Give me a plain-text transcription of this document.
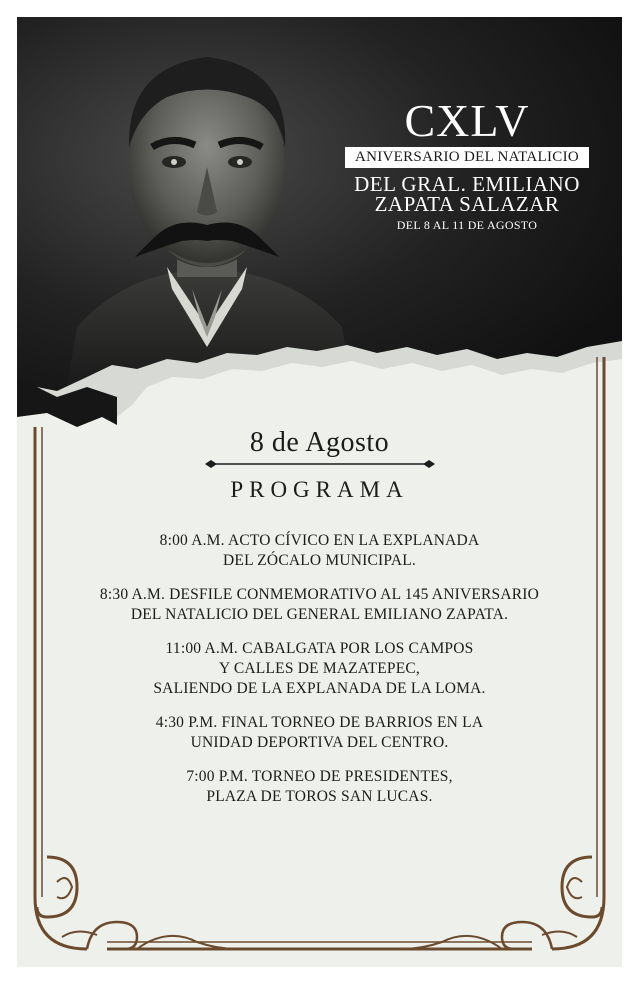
CXLV
ANIVERSARIO DEL NATALICIO
DEL GRAL. EMILIANO
ZAPATA SALAZAR
DEL 8 AL 11 DE AGOSTO
8 de Agosto
PROGRAMA
8:00 A.M. ACTO CÍVICO EN LA EXPLANADA
DEL ZÓCALO MUNICIPAL.
8:30 A.M. DESFILE CONMEMORATIVO AL 145 ANIVERSARIO
DEL NATALICIO DEL GENERAL EMILIANO ZAPATA.
11:00 A.M. CABALGATA POR LOS CAMPOS
Y CALLES DE MAZATEPEC,
SALIENDO DE LA EXPLANADA DE LA LOMA.
4:30 P.M. FINAL TORNEO DE BARRIOS EN LA
UNIDAD DEPORTIVA DEL CENTRO.
7:00 P.M. TORNEO DE PRESIDENTES,
PLAZA DE TOROS SAN LUCAS.
